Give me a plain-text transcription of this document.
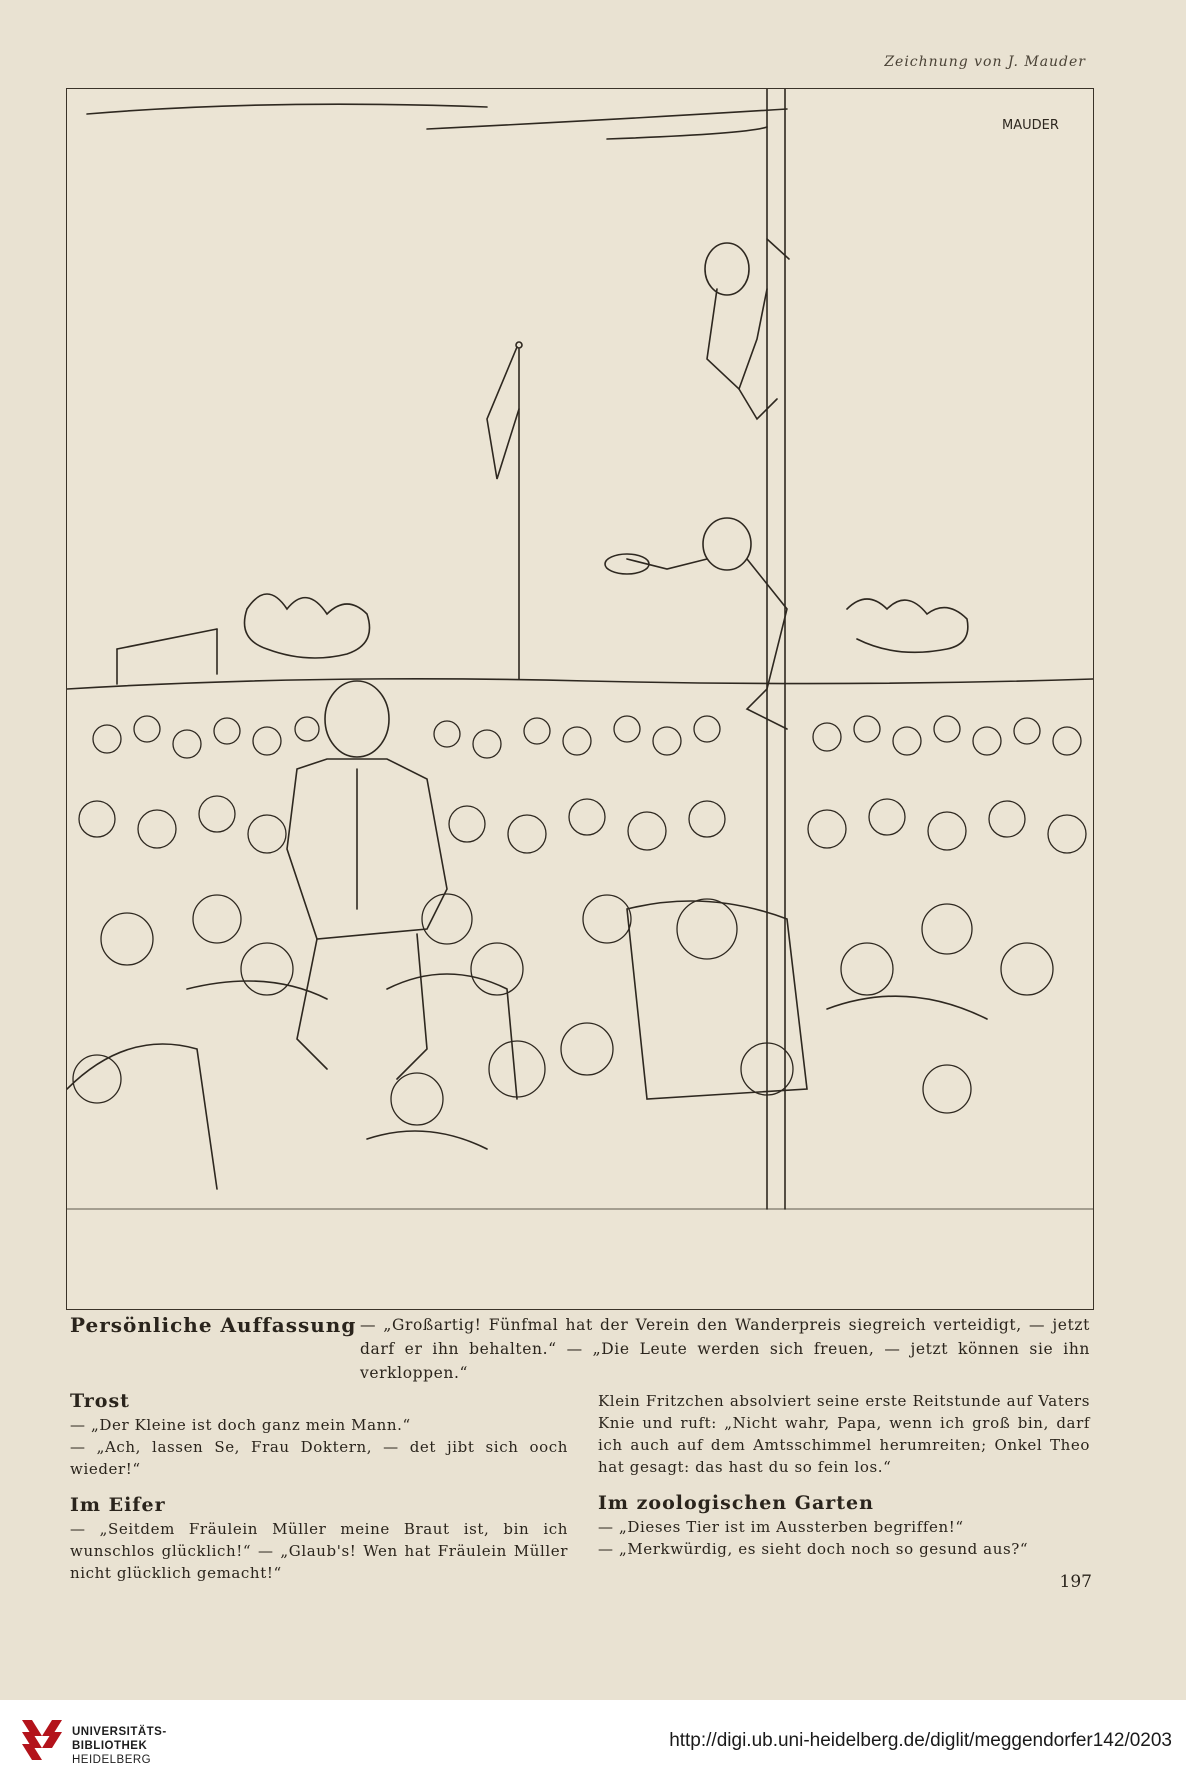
Zeichnung von J. Mauder
MAUDER
Persönliche Auffassung — „Großartig! Fünfmal hat der Verein den Wanderpreis siegreich verteidigt, — jetzt darf er ihn behalten.“ — „Die Leute werden sich freuen, — jetzt können sie ihn verkloppen.“
Trost

— „Der Kleine ist doch ganz mein Mann.“

— „Ach, lassen Se, Frau Doktern, — det jibt sich ooch wieder!“

Im Eifer

— „Seitdem Fräulein Müller meine Braut ist, bin ich wunschlos glücklich!“ — „Glaub's! Wen hat Fräulein Müller nicht glücklich gemacht!“

Klein Fritzchen absolviert seine erste Reitstunde auf Vaters Knie und ruft: „Nicht wahr, Papa, wenn ich groß bin, darf ich auch auf dem Amtsschimmel herumreiten; Onkel Theo hat gesagt: das hast du so fein los.“

Im zoologischen Garten

— „Dieses Tier ist im Aussterben begriffen!“

— „Merkwürdig, es sieht doch noch so gesund aus?“

197
UNIVERSITÄTS-
BIBLIOTHEK
HEIDELBERG
http://digi.ub.uni-heidelberg.de/diglit/meggendorfer142/0203
